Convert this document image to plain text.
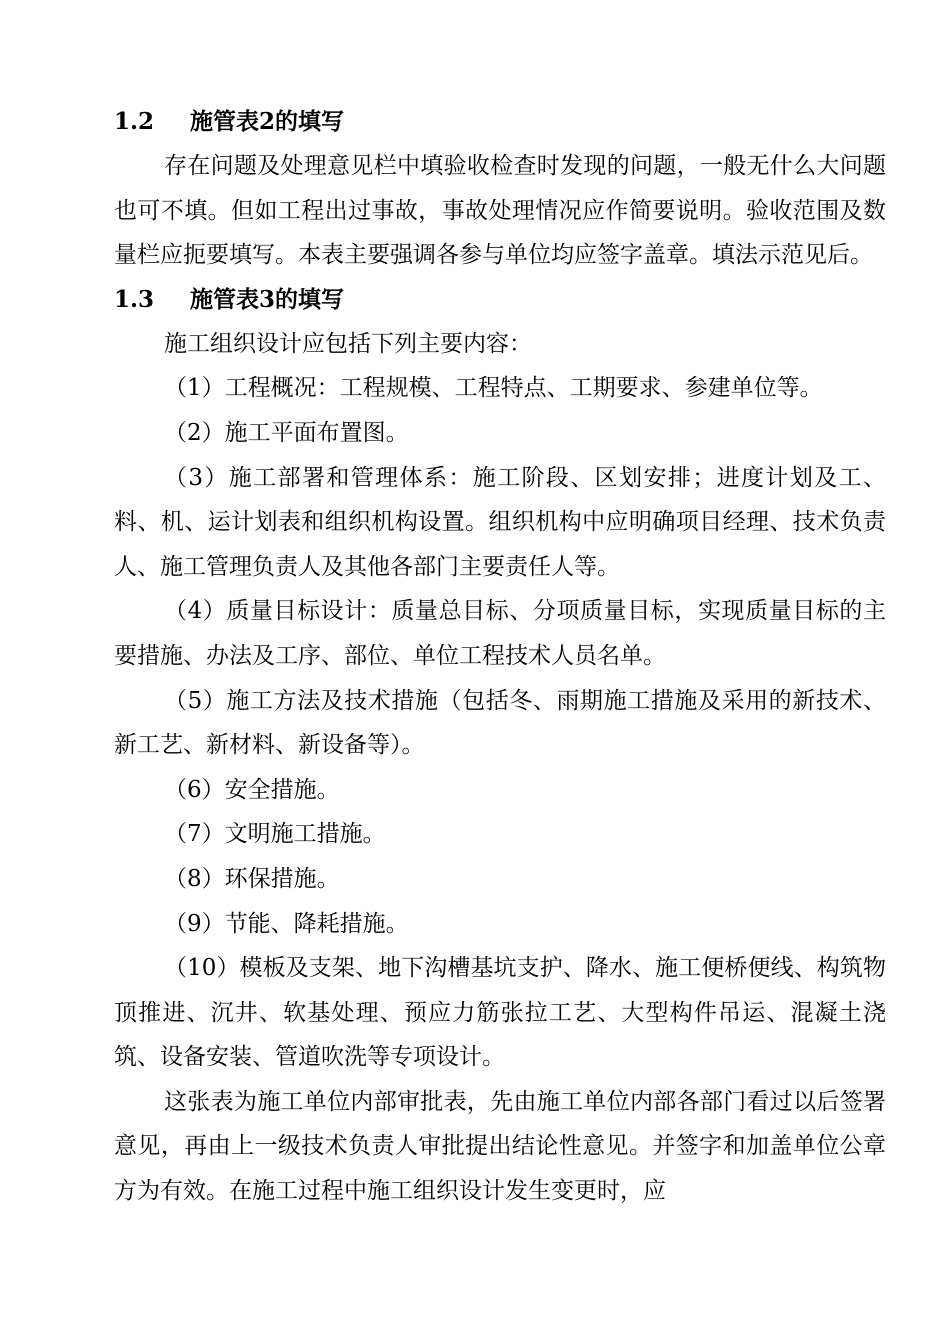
1.2 施管表2的填写

存在问题及处理意见栏中填验收检查时发现的问题，一般无什么大问题也可不填。但如工程出过事故，事故处理情况应作简要说明。验收范围及数量栏应扼要填写。本表主要强调各参与单位均应签字盖章。填法示范见后。

1.3 施管表3的填写

施工组织设计应包括下列主要内容：

（1）工程概况：工程规模、工程特点、工期要求、参建单位等。

（2）施工平面布置图。

（3）施工部署和管理体系：施工阶段、区划安排；进度计划及工、料、机、运计划表和组织机构设置。组织机构中应明确项目经理、技术负责人、施工管理负责人及其他各部门主要责任人等。

（4）质量目标设计：质量总目标、分项质量目标，实现质量目标的主要措施、办法及工序、部位、单位工程技术人员名单。

（5）施工方法及技术措施（包括冬、雨期施工措施及采用的新技术、新工艺、新材料、新设备等）。

（6）安全措施。

（7）文明施工措施。

（8）环保措施。

（9）节能、降耗措施。

（10）模板及支架、地下沟槽基坑支护、降水、施工便桥便线、构筑物顶推进、沉井、软基处理、预应力筋张拉工艺、大型构件吊运、混凝土浇筑、设备安装、管道吹洗等专项设计。

这张表为施工单位内部审批表，先由施工单位内部各部门看过以后签署意见，再由上一级技术负责人审批提出结论性意见。并签字和加盖单位公章方为有效。在施工过程中施工组织设计发生变更时，应
